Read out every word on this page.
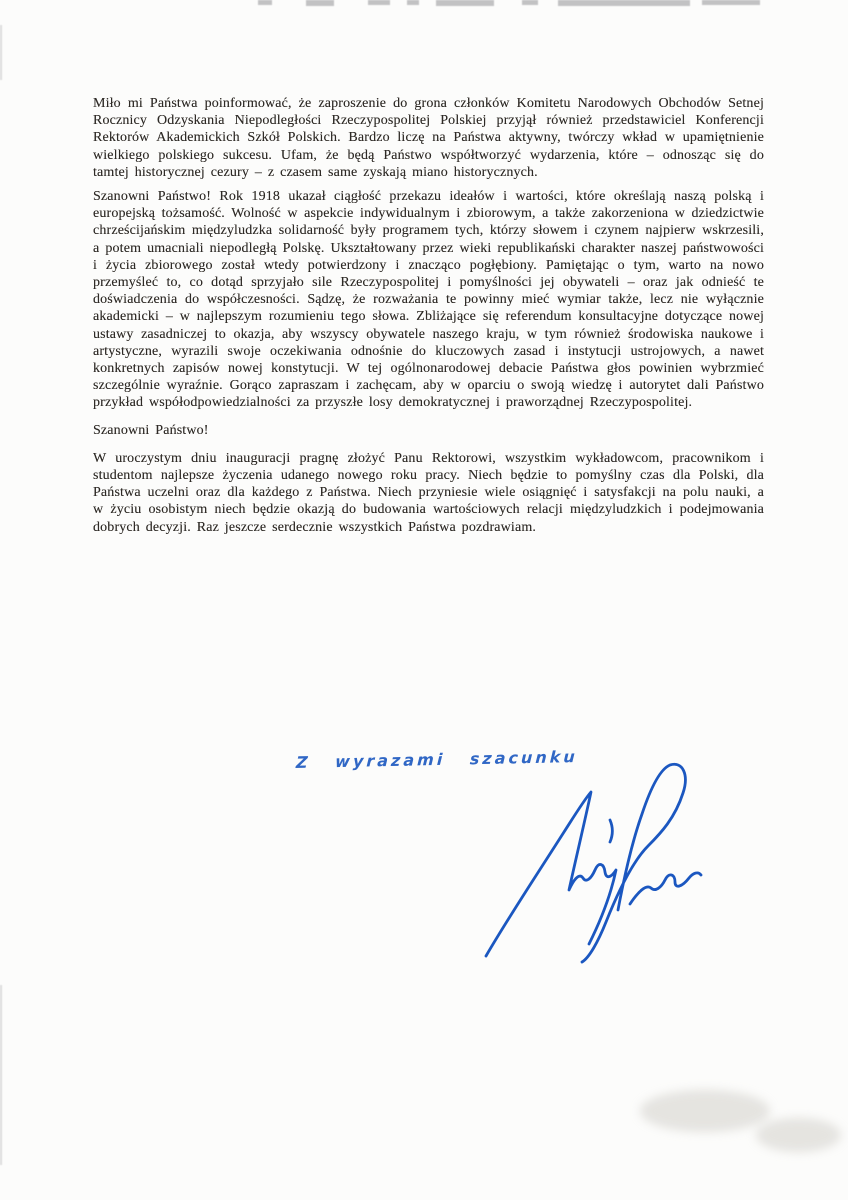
Miło mi Państwa poinformować, że zaproszenie do grona członków Komitetu Narodowych Obchodów Setnej Rocznicy Odzyskania Niepodległości Rzeczypospolitej Polskiej przyjął również przedstawiciel Konferencji Rektorów Akademickich Szkół Polskich. Bardzo liczę na Państwa aktywny, twórczy wkład w upamiętnienie wielkiego polskiego sukcesu. Ufam, że będą Państwo współtworzyć wydarzenia, które – odnosząc się do tamtej historycznej cezury – z czasem same zyskają miano historycznych.

Szanowni Państwo! Rok 1918 ukazał ciągłość przekazu ideałów i wartości, które określają naszą polską i europejską tożsamość. Wolność w aspekcie indywidualnym i zbiorowym, a także zakorzeniona w dziedzictwie chrześcijańskim międzyludzka solidarność były programem tych, którzy słowem i czynem najpierw wskrzesili, a potem umacniali niepodległą Polskę. Ukształtowany przez wieki republikański charakter naszej państwowości i życia zbiorowego został wtedy potwierdzony i znacząco pogłębiony. Pamiętając o tym, warto na nowo przemyśleć to, co dotąd sprzyjało sile Rzeczypospolitej i pomyślności jej obywateli – oraz jak odnieść te doświadczenia do współczesności. Sądzę, że rozważania te powinny mieć wymiar także, lecz nie wyłącznie akademicki – w najlepszym rozumieniu tego słowa. Zbliżające się referendum konsultacyjne dotyczące nowej ustawy zasadniczej to okazja, aby wszyscy obywatele naszego kraju, w tym również środowiska naukowe i artystyczne, wyrazili swoje oczekiwania odnośnie do kluczowych zasad i instytucji ustrojowych, a nawet konkretnych zapisów nowej konstytucji. W tej ogólnonarodowej debacie Państwa głos powinien wybrzmieć szczególnie wyraźnie. Gorąco zapraszam i zachęcam, aby w oparciu o swoją wiedzę i autorytet dali Państwo przykład współodpowiedzialności za przyszłe losy demokratycznej i praworządnej Rzeczypospolitej.

Szanowni Państwo!

W uroczystym dniu inauguracji pragnę złożyć Panu Rektorowi, wszystkim wykładowcom, pracownikom i studentom najlepsze życzenia udanego nowego roku pracy. Niech będzie to pomyślny czas dla Polski, dla Państwa uczelni oraz dla każdego z Państwa. Niech przyniesie wiele osiągnięć i satysfakcji na polu nauki, a w życiu osobistym niech będzie okazją do budowania wartościowych relacji międzyludzkich i podejmowania dobrych decyzji. Raz jeszcze serdecznie wszystkich Państwa pozdrawiam.

Z wyrazami szacunku
